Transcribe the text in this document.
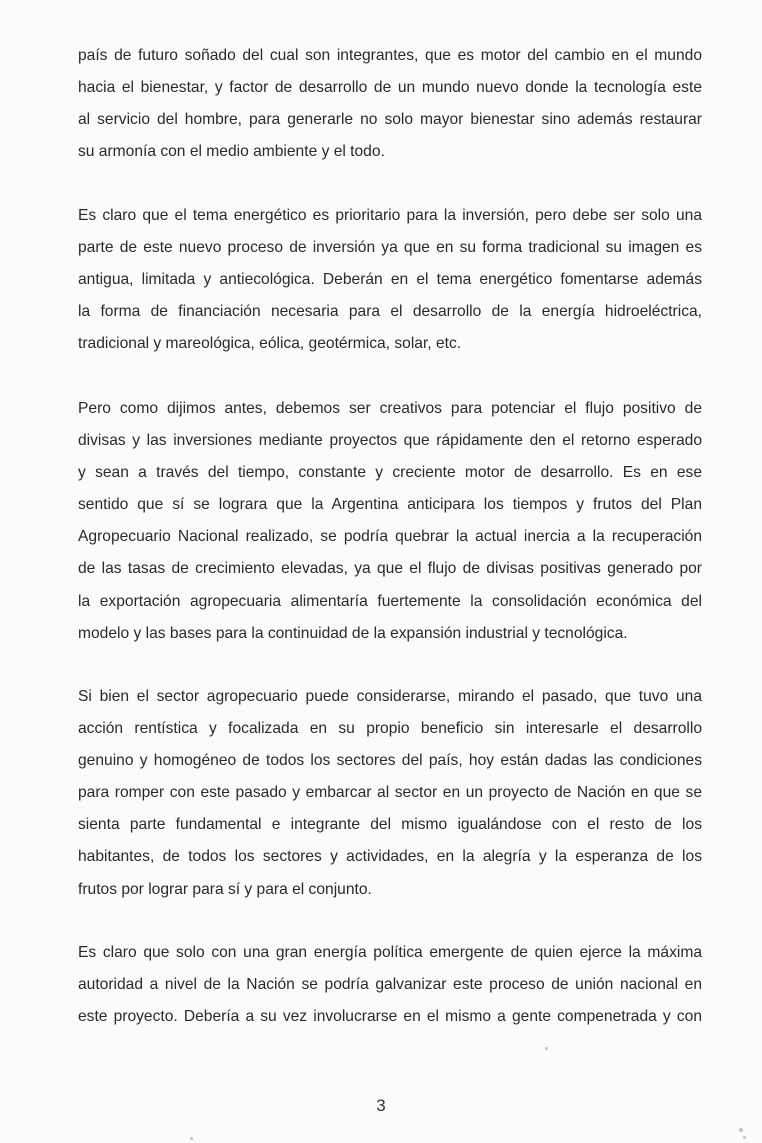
país de futuro soñado del cual son integrantes, que es motor del cambio en el mundo
hacia el bienestar, y factor de desarrollo de un mundo nuevo donde la tecnología este
al servicio del hombre, para generarle no solo mayor bienestar sino además restaurar
su armonía con el medio ambiente y el todo.
Es claro que el tema energético es prioritario para la inversión, pero debe ser solo una
parte de este nuevo proceso de inversión ya que en su forma tradicional su imagen es
antigua, limitada y antiecológica. Deberán en el tema energético fomentarse además
la forma de financiación necesaria para el desarrollo de la energía hidroeléctrica,
tradicional y mareológica, eólica, geotérmica, solar, etc.
Pero como dijimos antes, debemos ser creativos para potenciar el flujo positivo de
divisas y las inversiones mediante proyectos que rápidamente den el retorno esperado
y sean a través del tiempo, constante y creciente motor de desarrollo. Es en ese
sentido que sí se lograra que la Argentina anticipara los tiempos y frutos del Plan
Agropecuario Nacional realizado, se podría quebrar la actual inercia a la recuperación
de las tasas de crecimiento elevadas, ya que el flujo de divisas positivas generado por
la exportación agropecuaria alimentaría fuertemente la consolidación económica del
modelo y las bases para la continuidad de la expansión industrial y tecnológica.
Si bien el sector agropecuario puede considerarse, mirando el pasado, que tuvo una
acción rentística y focalizada en su propio beneficio sin interesarle el desarrollo
genuino y homogéneo de todos los sectores del país, hoy están dadas las condiciones
para romper con este pasado y embarcar al sector en un proyecto de Nación en que se
sienta parte fundamental e integrante del mismo igualándose con el resto de los
habitantes, de todos los sectores y actividades, en la alegría y la esperanza de los
frutos por lograr para sí y para el conjunto.
Es claro que solo con una gran energía política emergente de quien ejerce la máxima
autoridad a nivel de la Nación se podría galvanizar este proceso de unión nacional en
este proyecto. Debería a su vez involucrarse en el mismo a gente compenetrada y con
3
